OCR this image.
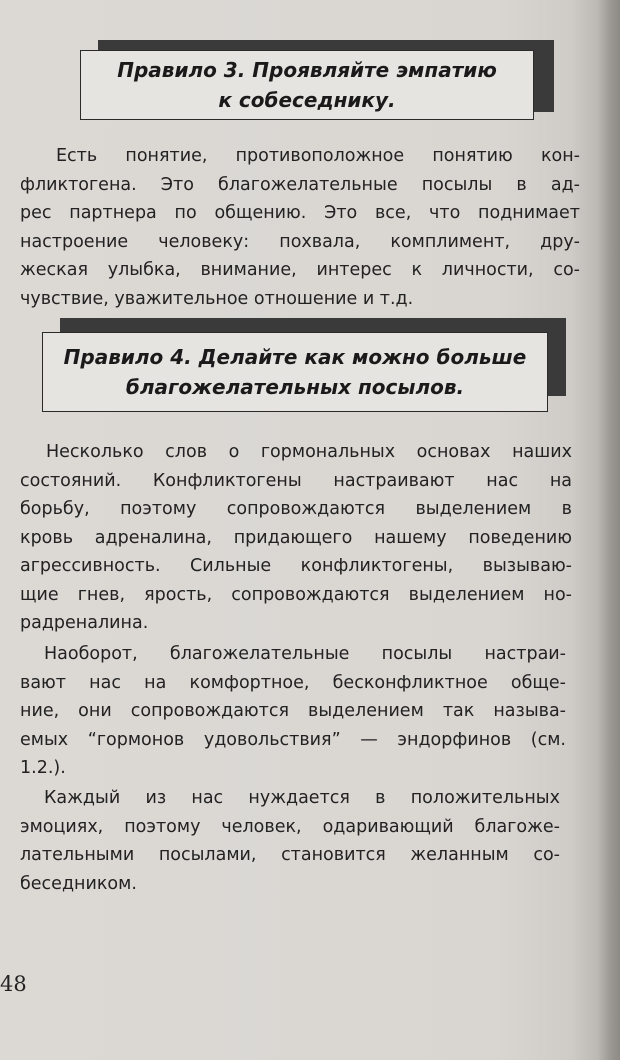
Правило 3. Проявляйте эмпатию
к собеседнику.
Есть понятие, противоположное понятию кон-
фликтогена. Это благожелательные посылы в ад-
рес партнера по общению. Это все, что поднимает
настроение человеку: похвала, комплимент, дру-
жеская улыбка, внимание, интерес к личности, со-
чувствие, уважительное отношение и т.д.
Правило 4. Делайте как можно больше
благожелательных посылов.
Несколько слов о гормональных основах наших
состояний. Конфликтогены настраивают нас на
борьбу, поэтому сопровождаются выделением в
кровь адреналина, придающего нашему поведению
агрессивность. Сильные конфликтогены, вызываю-
щие гнев, ярость, сопровождаются выделением но-
радреналина.
Наоборот, благожелательные посылы настраи-
вают нас на комфортное, бесконфликтное обще-
ние, они сопровождаются выделением так называ-
емых “гормонов удовольствия” — эндорфинов (см.
1.2.).
Каждый из нас нуждается в положительных
эмоциях, поэтому человек, одаривающий благоже-
лательными посылами, становится желанным со-
беседником.
48
